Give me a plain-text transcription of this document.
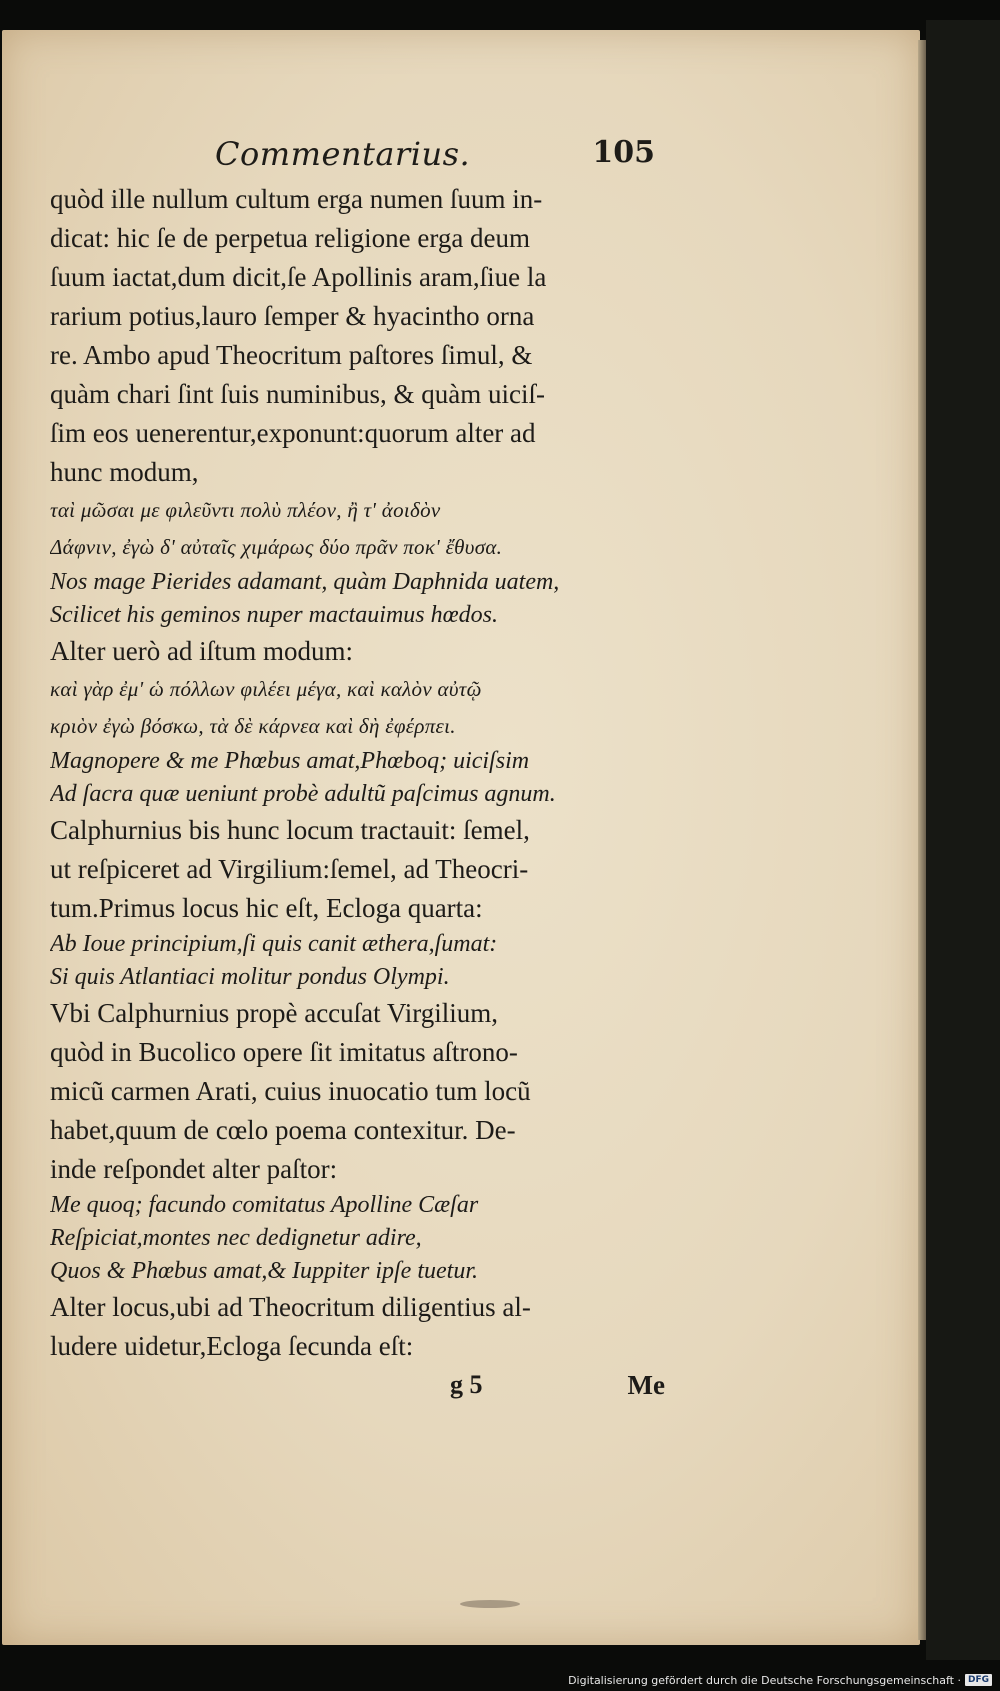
Commentarius.	105
quòd ille nullum cultum erga numen ſuum in-
dicat: hic ſe de perpetua religione erga deum
ſuum iactat,dum dicit,ſe Apollinis aram,ſiue la
rarium potius,lauro ſemper & hyacintho orna
re. Ambo apud Theocritum paſtores ſimul, &
quàm chari ſint ſuis numinibus, & quàm uiciſ-
ſim eos uenerentur,exponunt:quorum alter ad
hunc modum,
ταὶ μῶσαι με φιλεῦντι πολὺ πλέον, ἢ τ' ἀοιδὸν
Δάφνιν, ἐγὼ δ' αὐταῖς χιμάρως δύο πρᾶν ποκ' ἔθυσα.
Nos mage Pierides adamant, quàm Daphnida uatem,
Scilicet his geminos nuper mactauimus hœdos.
Alter uerò ad iſtum modum:
καὶ γὰρ ἐμ' ὡ πόλλων φιλέει μέγα, καὶ καλὸν αὐτῷ
κριὸν ἐγὼ βόσκω, τὰ δὲ κάρνεα καὶ δὴ ἐφέρπει.
Magnopere & me Phœbus amat,Phœboq; uiciſsim
Ad ſacra quæ ueniunt probè adultũ paſcimus agnum.
Calphurnius bis hunc locum tractauit: ſemel,
ut reſpiceret ad Virgilium:ſemel, ad Theocri-
tum.Primus locus hic eſt, Ecloga quarta:
Ab Ioue principium,ſi quis canit æthera,ſumat:
Si quis Atlantiaci molitur pondus Olympi.
Vbi Calphurnius propè accuſat Virgilium,
quòd in Bucolico opere ſit imitatus aſtrono-
micũ carmen Arati, cuius inuocatio tum locũ
habet,quum de cœlo poema contexitur. De-
inde reſpondet alter paſtor:
Me quoq; facundo comitatus Apolline Cæſar
Reſpiciat,montes nec dedignetur adire,
Quos & Phœbus amat,& Iuppiter ipſe tuetur.
Alter locus,ubi ad Theocritum diligentius al-
ludere uidetur,Ecloga ſecunda eſt:
g 5	Me
Digitalisierung gefördert durch die Deutsche Forschungsgemeinschaft · DFG
